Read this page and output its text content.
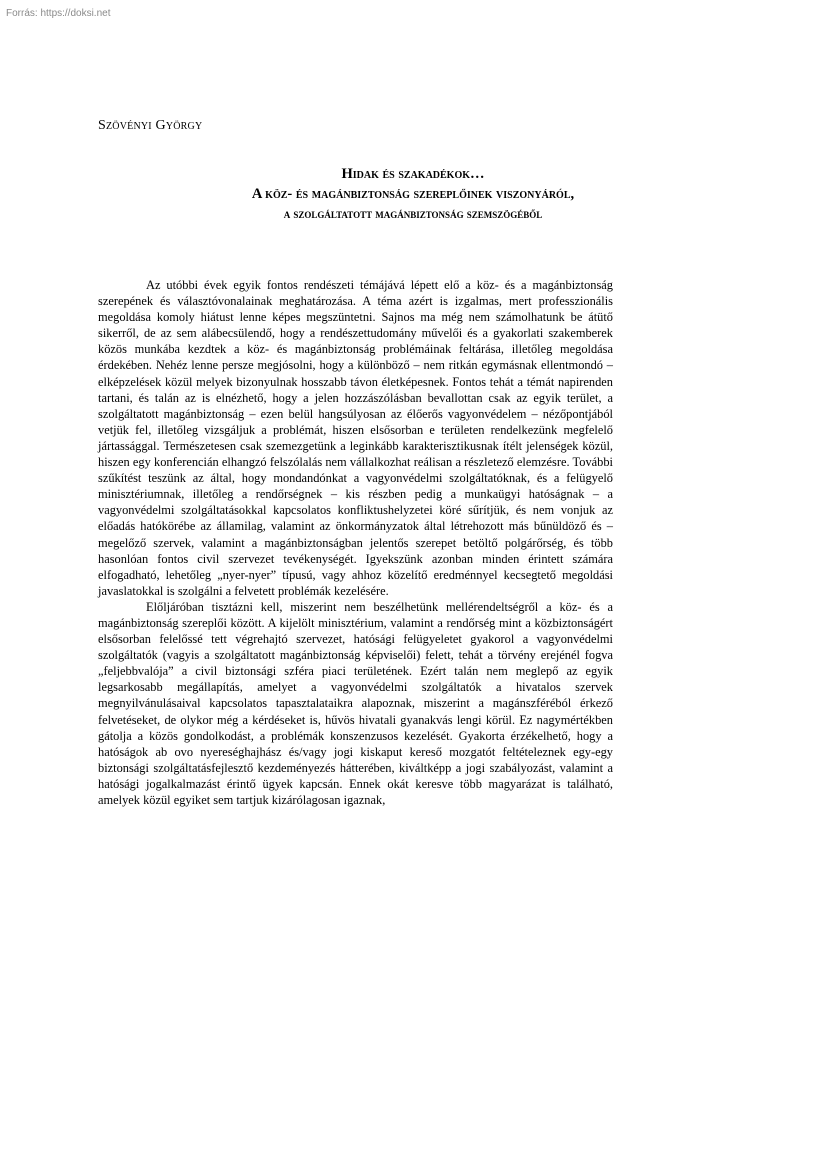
Forrás: https://doksi.net
Szövényi György

Hidak és szakadékok…

A köz- és magánbiztonság szereplőinek viszonyáról,

a szolgáltatott magánbiztonság szemszögéből

Az utóbbi évek egyik fontos rendészeti témájává lépett elő a köz- és a magánbiztonság szerepének és választóvonalainak meghatározása. A téma azért is izgalmas, mert professzionális megoldása komoly hiátust lenne képes megszüntetni. Sajnos ma még nem számolhatunk be átütő sikerről, de az sem alábecsülendő, hogy a rendészettudomány művelői és a gyakorlati szakemberek közös munkába kezdtek a köz- és magánbiztonság problémáinak feltárása, illetőleg megoldása érdekében. Nehéz lenne persze megjósolni, hogy a különböző – nem ritkán egymásnak ellentmondó – elképzelések közül melyek bizonyulnak hosszabb távon életképesnek. Fontos tehát a témát napirenden tartani, és talán az is elnézhető, hogy a jelen hozzászólásban bevallottan csak az egyik terület, a szolgáltatott magánbiztonság – ezen belül hangsúlyosan az élőerős vagyonvédelem – nézőpontjából vetjük fel, illetőleg vizsgáljuk a problémát, hiszen elsősorban e területen rendelkezünk megfelelő jártassággal. Természetesen csak szemezgetünk a leginkább karakterisztikusnak ítélt jelenségek közül, hiszen egy konferencián elhangzó felszólalás nem vállalkozhat reálisan a részletező elemzésre. További szűkítést teszünk az által, hogy mondandónkat a vagyonvédelmi szolgáltatóknak, és a felügyelő minisztériumnak, illetőleg a rendőrségnek – kis részben pedig a munkaügyi hatóságnak – a vagyonvédelmi szolgáltatásokkal kapcsolatos konfliktushelyzetei köré sűrítjük, és nem vonjuk az előadás hatókörébe az államilag, valamint az önkormányzatok által létrehozott más bűnüldöző és –megelőző szervek, valamint a magánbiztonságban jelentős szerepet betöltő polgárőrség, és több hasonlóan fontos civil szervezet tevékenységét. Igyekszünk azonban minden érintett számára elfogadható, lehetőleg „nyer-nyer” típusú, vagy ahhoz közelítő eredménnyel kecsegtető megoldási javaslatokkal is szolgálni a felvetett problémák kezelésére.

Előljáróban tisztázni kell, miszerint nem beszélhetünk mellérendeltségről a köz- és a magánbiztonság szereplői között. A kijelölt minisztérium, valamint a rendőrség mint a közbiztonságért elsősorban felelőssé tett végrehajtó szervezet, hatósági felügyeletet gyakorol a vagyonvédelmi szolgáltatók (vagyis a szolgáltatott magánbiztonság képviselői) felett, tehát a törvény erejénél fogva „feljebbvalója” a civil biztonsági szféra piaci területének. Ezért talán nem meglepő az egyik legsarkosabb megállapítás, amelyet a vagyonvédelmi szolgáltatók a hivatalos szervek megnyilvánulásaival kapcsolatos tapasztalataikra alapoznak, miszerint a magánszféréból érkező felvetéseket, de olykor még a kérdéseket is, hűvös hivatali gyanakvás lengi körül. Ez nagymértékben gátolja a közös gondolkodást, a problémák konszenzusos kezelését. Gyakorta érzékelhető, hogy a hatóságok ab ovo nyereséghajhász és/vagy jogi kiskaput kereső mozgatót feltételeznek egy-egy biztonsági szolgáltatásfejlesztő kezdeményezés hátterében, kiváltképp a jogi szabályozást, valamint a hatósági jogalkalmazást érintő ügyek kapcsán. Ennek okát keresve több magyarázat is található, amelyek közül egyiket sem tartjuk kizárólagosan igaznak,
